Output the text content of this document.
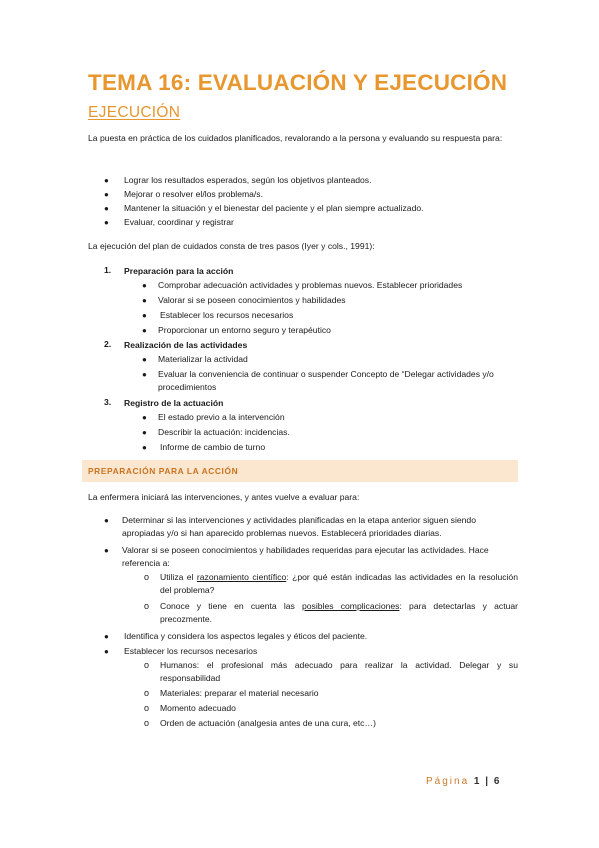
TEMA 16: EVALUACIÓN Y EJECUCIÓN
EJECUCIÓN
La puesta en práctica de los cuidados planificados, revalorando a la persona y evaluando su respuesta para:
● Lograr los resultados esperados, según los objetivos planteados.
● Mejorar o resolver el/los problema/s.
● Mantener la situación y el bienestar del paciente y el plan siempre actualizado.
● Evaluar, coordinar y registrar
La ejecución del plan de cuidados consta de tres pasos (Iyer y cols., 1991):
1. Preparación para la acción
● Comprobar adecuación actividades y problemas nuevos. Establecer prioridades
● Valorar si se poseen conocimientos y habilidades
● Establecer los recursos necesarios
● Proporcionar un entorno seguro y terapéutico
2. Realización de las actividades
● Materializar la actividad
● Evaluar la conveniencia de continuar o suspender Concepto de “Delegar actividades y/o procedimientos
3. Registro de la actuación
● El estado previo a la intervención
● Describir la actuación: incidencias.
● Informe de cambio de turno
PREPARACIÓN PARA LA ACCIÓN
La enfermera iniciará las intervenciones, y antes vuelve a evaluar para:
● Determinar si las intervenciones y actividades planificadas en la etapa anterior siguen siendo apropiadas y/o si han aparecido problemas nuevos. Establecerá prioridades diarias.
● Valorar si se poseen conocimientos y habilidades requeridas para ejecutar las actividades. Hace referencia a:
o Utiliza el razonamiento científico: ¿por qué están indicadas las actividades en la resolución del problema?
o Conoce y tiene en cuenta las posibles complicaciones: para detectarlas y actuar precozmente.
● Identifica y considera los aspectos legales y éticos del paciente.
● Establecer los recursos necesarios
o Humanos: el profesional más adecuado para realizar la actividad. Delegar y su responsabilidad
o Materiales: preparar el material necesario
o Momento adecuado
o Orden de actuación (analgesia antes de una cura, etc…)
Página 1 | 6
